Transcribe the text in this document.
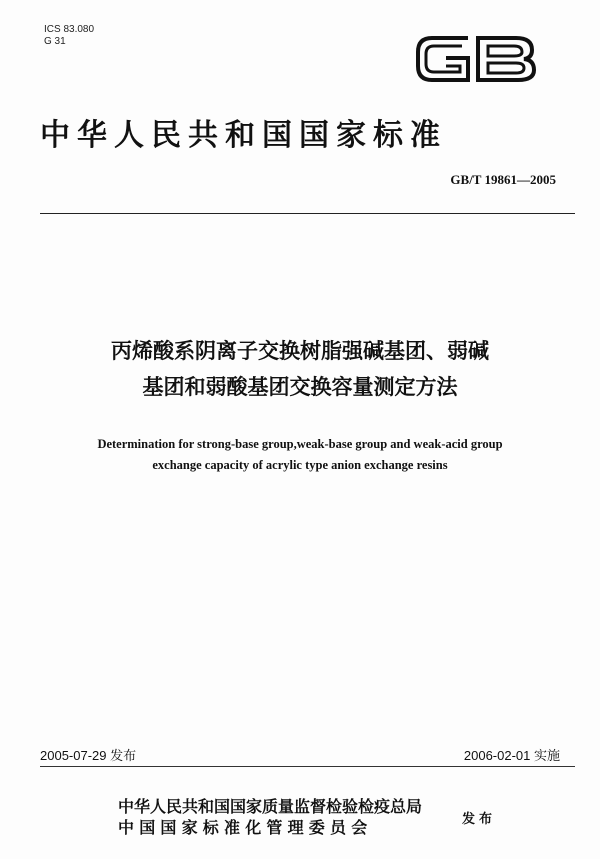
ICS 83.080
G 31
中华人民共和国国家标准
GB/T 19861—2005
丙烯酸系阴离子交换树脂强碱基团、弱碱
基团和弱酸基团交换容量测定方法
Determination for strong-base group,weak-base group and weak-acid group
exchange capacity of acrylic type anion exchange resins
2005-07-29 发布	2006-02-01 实施
中华人民共和国国家质量监督检验检疫总局
中国国家标准化管理委员会	发布
